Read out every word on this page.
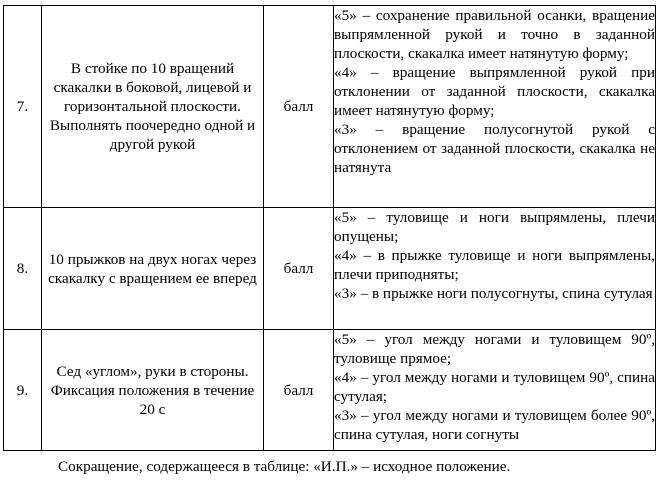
7.	В стойке по 10 вращений скакалки в боковой, лицевой и горизонтальной плоскости. Выполнять поочередно одной и другой рукой	балл	«5» – сохранение правильной осанки, вращение выпрямленной рукой и точно в заданной плоскости, скакалка имеет натянутую форму;
«4» – вращение выпрямленной рукой при отклонении от заданной плоскости, скакалка имеет натянутую форму;
«3» – вращение полусогнутой рукой с отклонением от заданной плоскости, скакалка не натянута

8.	10 прыжков на двух ногах через скакалку с вращением ее вперед	балл	«5» – туловище и ноги выпрямлены, плечи опущены;
«4» – в прыжке туловище и ноги выпрямлены, плечи приподняты;
«3» – в прыжке ноги полусогнуты, спина сутулая

9.	Сед «углом», руки в стороны. Фиксация положения в течение 20 с	балл	«5» – угол между ногами и туловищем 90º, туловище прямое;
«4» – угол между ногами и туловищем 90º, спина сутулая;
«3» – угол между ногами и туловищем более 90º, спина сутулая, ноги согнуты
Сокращение, содержащееся в таблице: «И.П.» – исходное положение.
